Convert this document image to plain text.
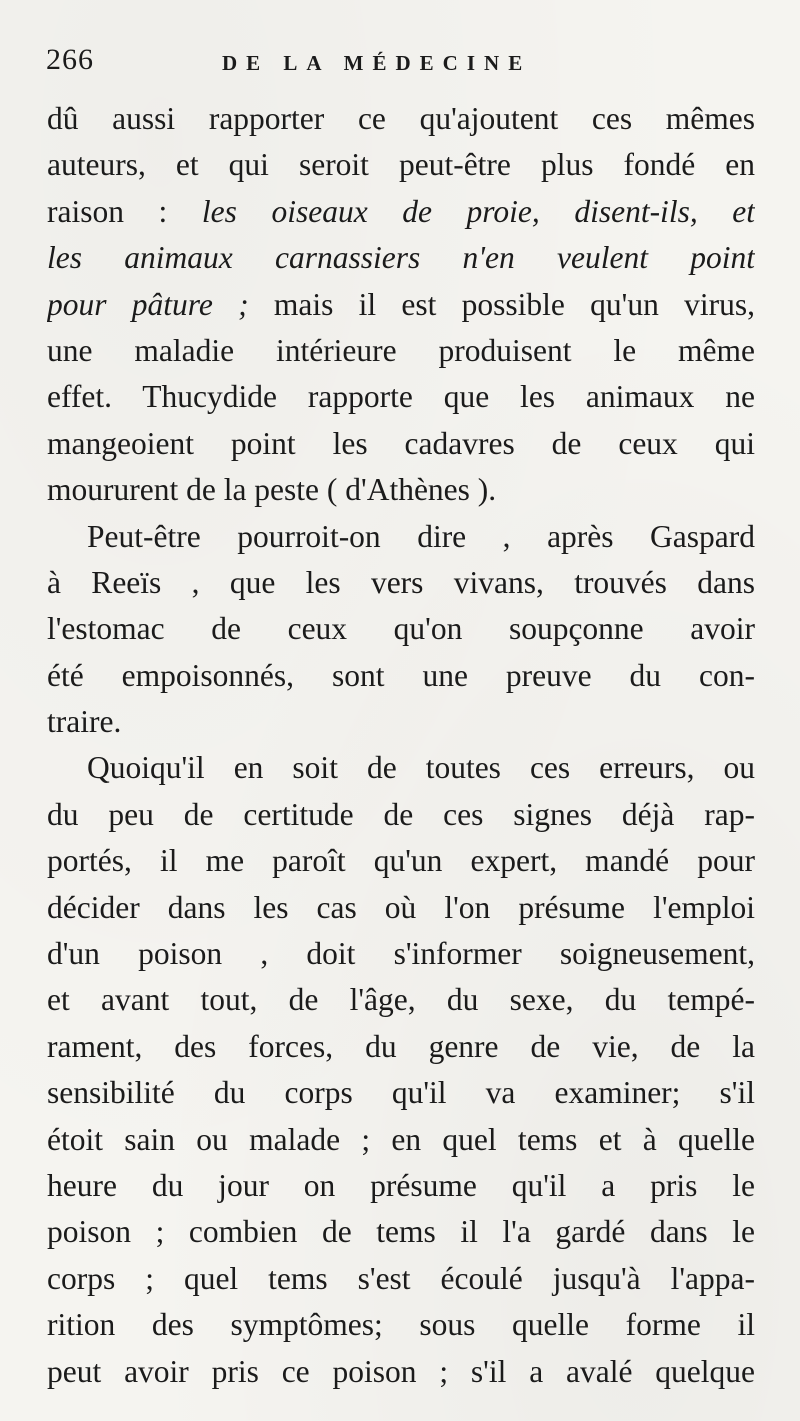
266	DE LA MÉDECINE
dû aussi rapporter ce qu'ajoutent ces mêmes
auteurs, et qui seroit peut-être plus fondé en
raison : les oiseaux de proie, disent-ils, et
les animaux carnassiers n'en veulent point
pour pâture ; mais il est possible qu'un virus,
une maladie intérieure produisent le même
effet. Thucydide rapporte que les animaux ne
mangeoient point les cadavres de ceux qui
moururent de la peste ( d'Athènes ).
Peut-être pourroit-on dire , après Gaspard
à Reeïs , que les vers vivans, trouvés dans
l'estomac de ceux qu'on soupçonne avoir
été empoisonnés, sont une preuve du con-
traire.
Quoiqu'il en soit de toutes ces erreurs, ou
du peu de certitude de ces signes déjà rap-
portés, il me paroît qu'un expert, mandé pour
décider dans les cas où l'on présume l'emploi
d'un poison , doit s'informer soigneusement,
et avant tout, de l'âge, du sexe, du tempé-
rament, des forces, du genre de vie, de la
sensibilité du corps qu'il va examiner; s'il
étoit sain ou malade ; en quel tems et à quelle
heure du jour on présume qu'il a pris le
poison ; combien de tems il l'a gardé dans le
corps ; quel tems s'est écoulé jusqu'à l'appa-
rition des symptômes; sous quelle forme il
peut avoir pris ce poison ; s'il a avalé quelque
